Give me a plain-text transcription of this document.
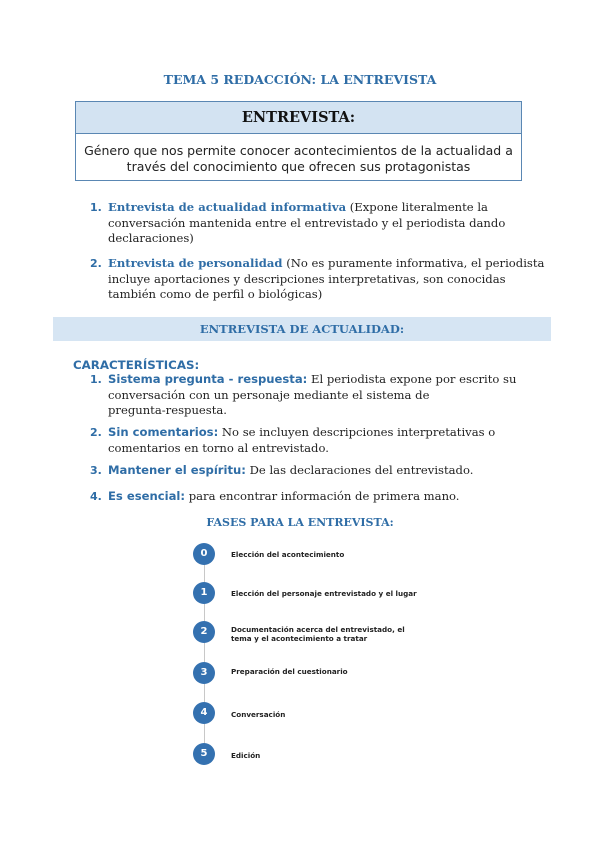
TEMA 5 REDACCIÓN: LA ENTREVISTA
ENTREVISTA:
Género que nos permite conocer acontecimientos de la actualidad a
través del conocimiento que ofrecen sus protagonistas
1. Entrevista de actualidad informativa (Expone literalmente la
conversación mantenida entre el entrevistado y el periodista dando
declaraciones)
2. Entrevista de personalidad (No es puramente informativa, el periodista
incluye aportaciones y descripciones interpretativas, son conocidas
también como de perfil o biológicas)
ENTREVISTA DE ACTUALIDAD:
CARACTERÍSTICAS:
1. Sistema pregunta - respuesta: El periodista expone por escrito su
conversación con un personaje mediante el sistema de
pregunta-respuesta.
2. Sin comentarios: No se incluyen descripciones interpretativas o
comentarios en torno al entrevistado.
3. Mantener el espíritu: De las declaraciones del entrevistado.
4. Es esencial: para encontrar información de primera mano.
FASES PARA LA ENTREVISTA:
0	Elección del acontecimiento
1	Elección del personaje entrevistado y el lugar
2	Documentación acerca del entrevistado, el
tema y el acontecimiento a tratar
3	Preparación del cuestionario
4	Conversación
5	Edición
